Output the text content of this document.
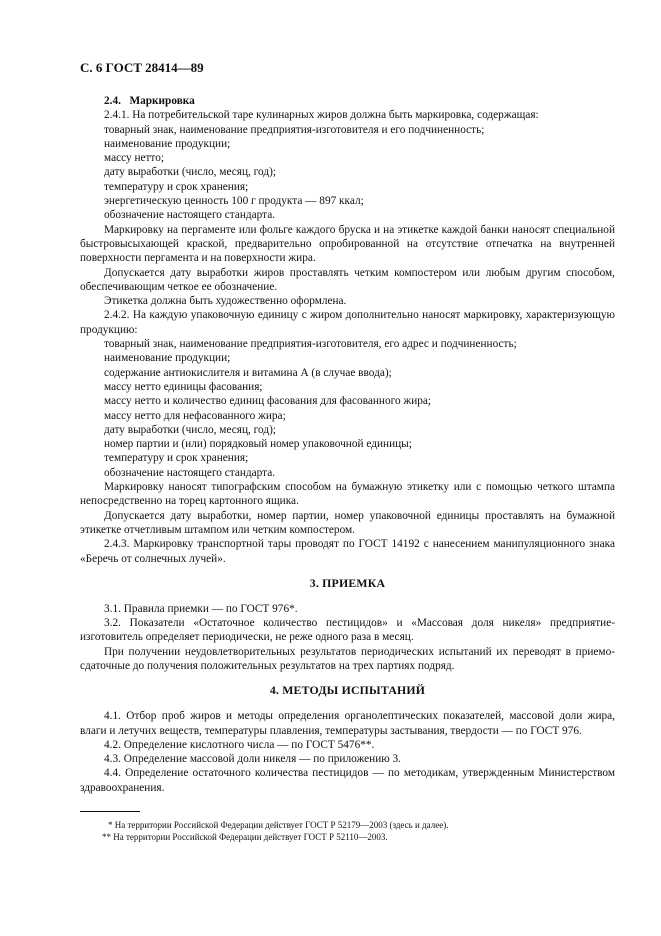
С. 6 ГОСТ 28414—89

2.4. Маркировка

2.4.1. На потребительской таре кулинарных жиров должна быть маркировка, содержащая:

товарный знак, наименование предприятия-изготовителя и его подчиненность;

наименование продукции;

массу нетто;

дату выработки (число, месяц, год);

температуру и срок хранения;

энергетическую ценность 100 г продукта — 897 ккал;

обозначение настоящего стандарта.

Маркировку на пергаменте или фольге каждого бруска и на этикетке каждой банки наносят специальной быстровысыхающей краской, предварительно опробированной на отсутствие отпечатка на внутренней поверхности пергамента и на поверхности жира.

Допускается дату выработки жиров проставлять четким компостером или любым другим способом, обеспечивающим четкое ее обозначение.

Этикетка должна быть художественно оформлена.

2.4.2. На каждую упаковочную единицу с жиром дополнительно наносят маркировку, характеризующую продукцию:

товарный знак, наименование предприятия-изготовителя, его адрес и подчиненность;

наименование продукции;

содержание антиокислителя и витамина А (в случае ввода);

массу нетто единицы фасования;

массу нетто и количество единиц фасования для фасованного жира;

массу нетто для нефасованного жира;

дату выработки (число, месяц, год);

номер партии и (или) порядковый номер упаковочной единицы;

температуру и срок хранения;

обозначение настоящего стандарта.

Маркировку наносят типографским способом на бумажную этикетку или с помощью четкого штампа непосредственно на торец картонного ящика.

Допускается дату выработки, номер партии, номер упаковочной единицы проставлять на бумажной этикетке отчетливым штампом или четким компостером.

2.4.3. Маркировку транспортной тары проводят по ГОСТ 14192 с нанесением манипуляционного знака «Беречь от солнечных лучей».

3. ПРИЕМКА

3.1. Правила приемки — по ГОСТ 976*.

3.2. Показатели «Остаточное количество пестицидов» и «Массовая доля никеля» предприятие-изготовитель определяет периодически, не реже одного раза в месяц.

При получении неудовлетворительных результатов периодических испытаний их переводят в приемо-сдаточные до получения положительных результатов на трех партиях подряд.

4. МЕТОДЫ ИСПЫТАНИЙ

4.1. Отбор проб жиров и методы определения органолептических показателей, массовой доли жира, влаги и летучих веществ, температуры плавления, температуры застывания, твердости — по ГОСТ 976.

4.2. Определение кислотного числа — по ГОСТ 5476**.

4.3. Определение массовой доли никеля — по приложению 3.

4.4. Определение остаточного количества пестицидов — по методикам, утвержденным Министерством здравоохранения.

* На территории Российской Федерации действует ГОСТ Р 52179—2003 (здесь и далее).

** На территории Российской Федерации действует ГОСТ Р 52110—2003.
